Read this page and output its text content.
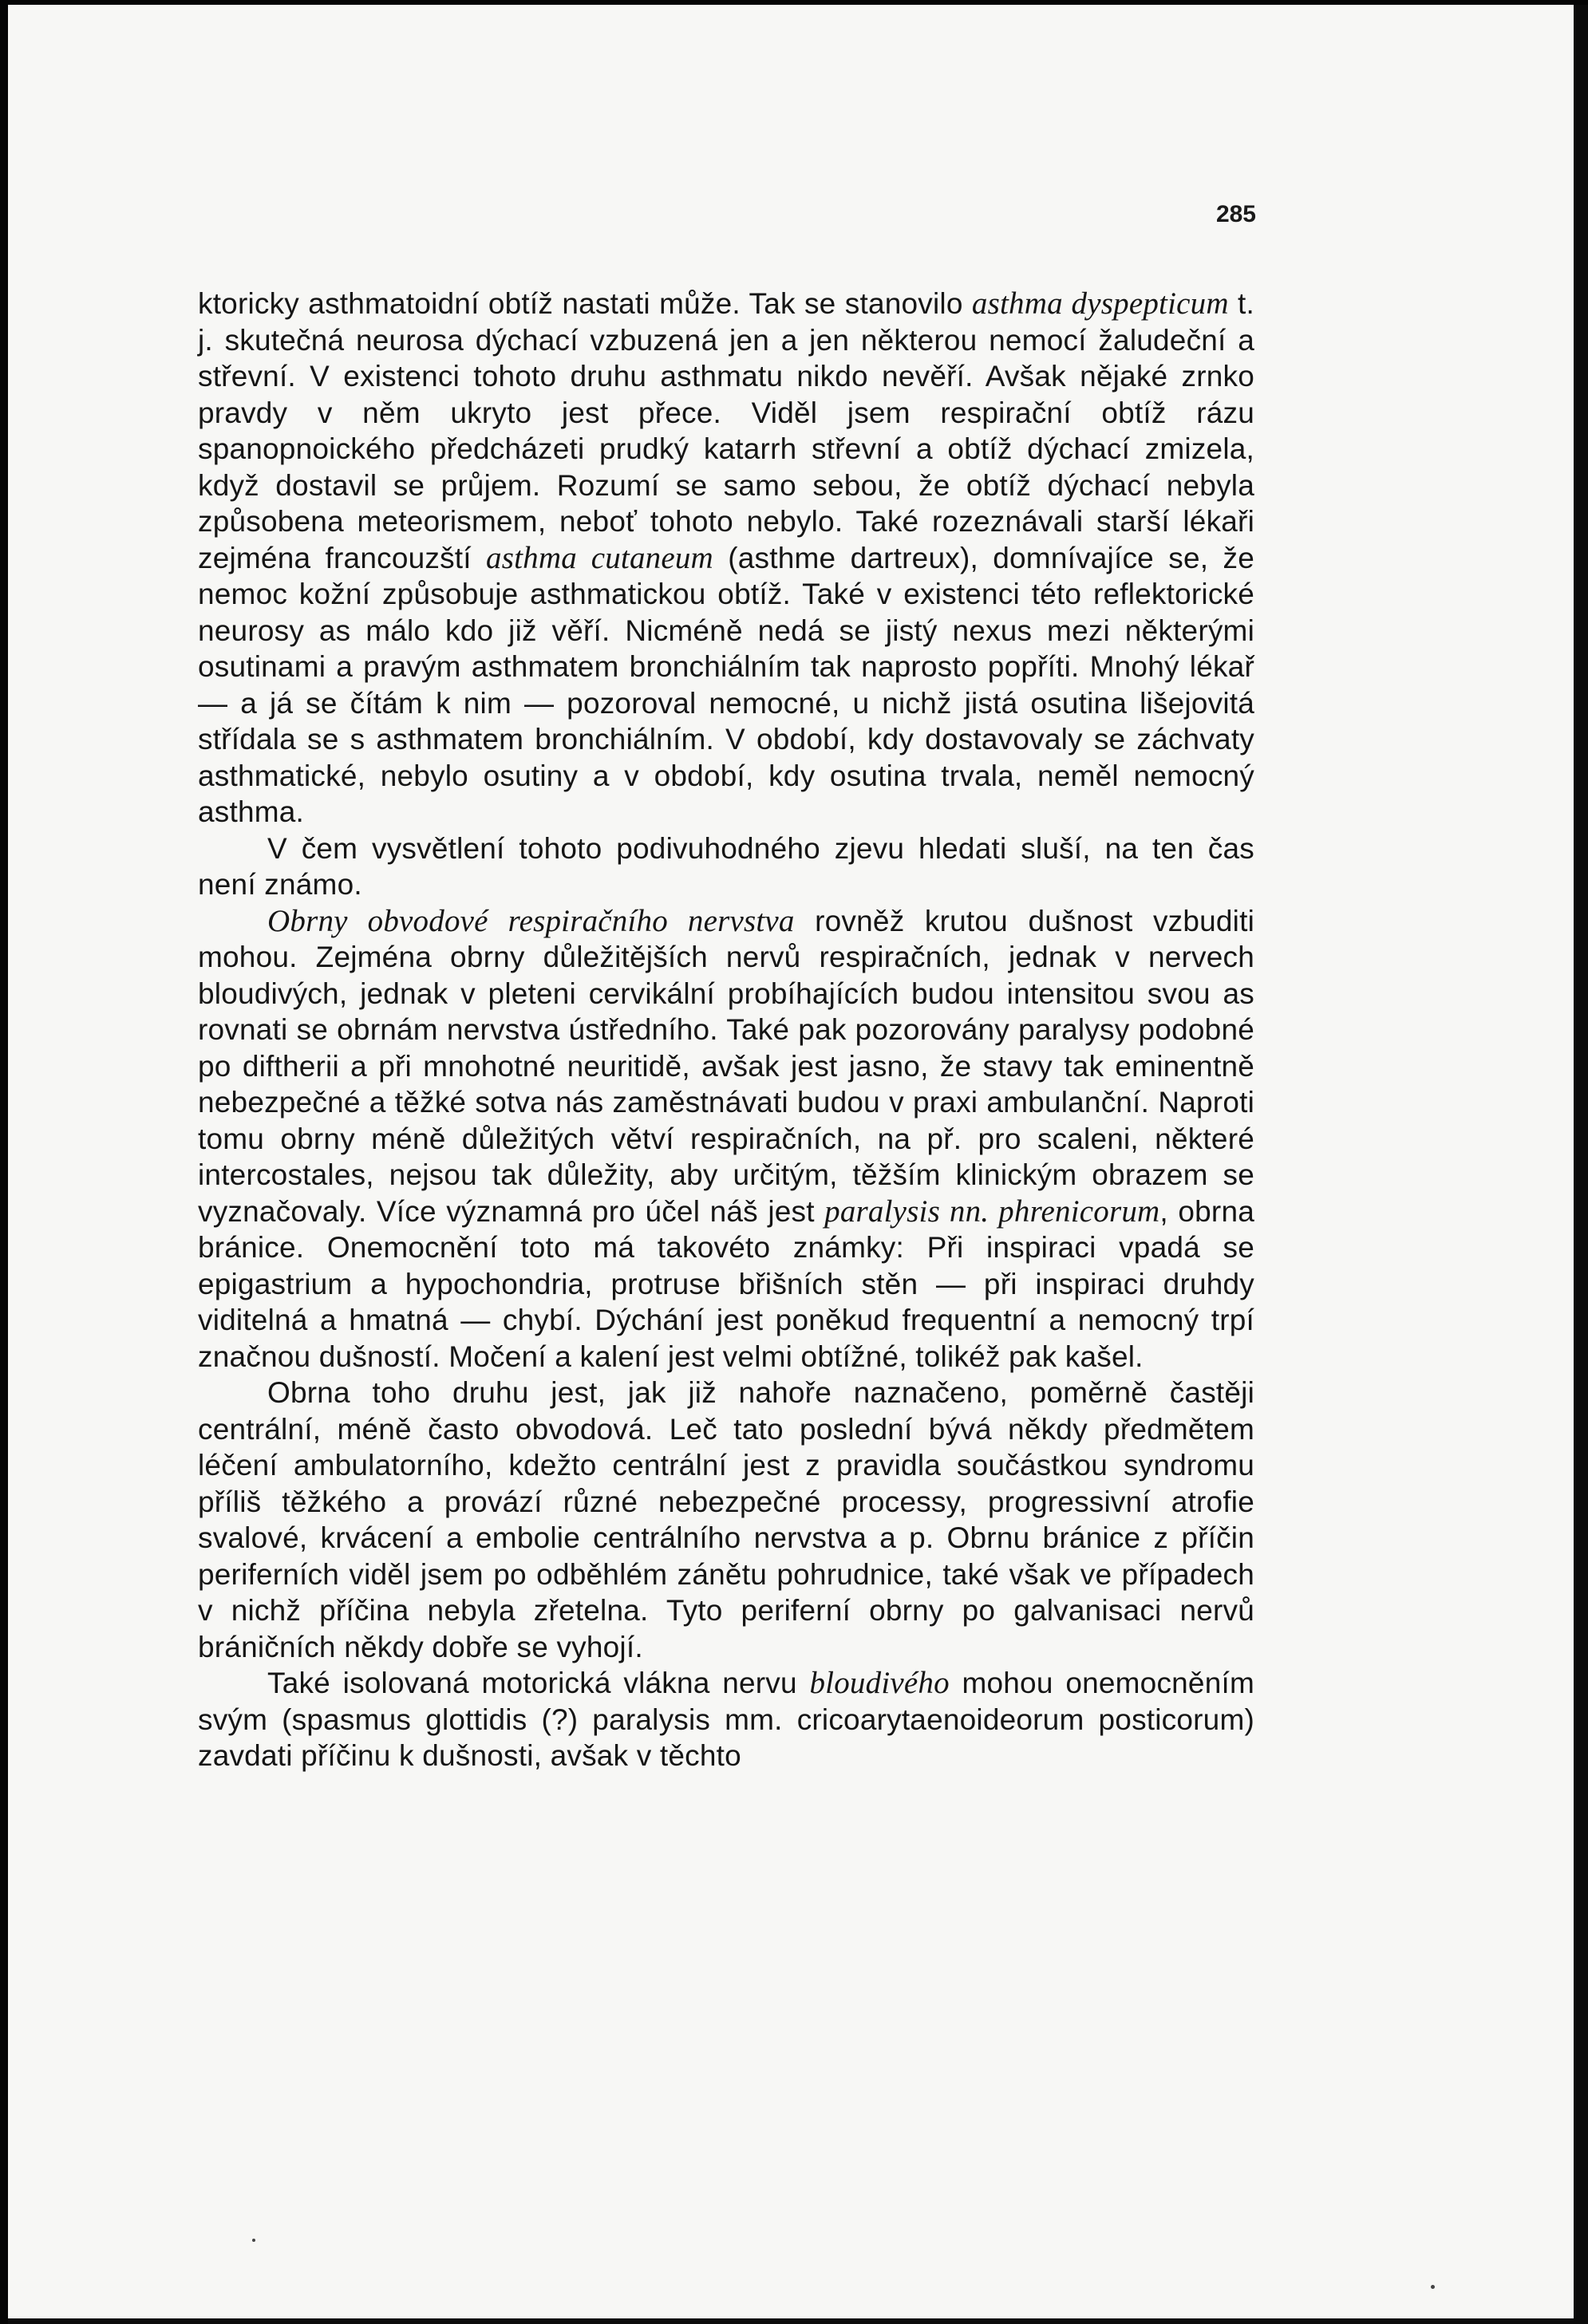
285

ktoricky asthmatoidní obtíž nastati může. Tak se stanovilo asthma dyspepticum t. j. skutečná neurosa dýchací vzbuzená jen a jen některou nemocí žaludeční a střevní. V existenci tohoto druhu asthmatu nikdo nevěří. Avšak nějaké zrnko pravdy v něm ukryto jest přece. Viděl jsem respirační obtíž rázu spanopnoického předcházeti prudký katarrh střevní a obtíž dýchací zmizela, když dostavil se průjem. Rozumí se samo sebou, že obtíž dýchací nebyla způsobena meteorismem, neboť tohoto nebylo. Také rozeznávali starší lékaři zejména francouzští asthma cutaneum (asthme dartreux), domnívajíce se, že nemoc kožní způsobuje asthmatickou obtíž. Také v existenci této reflektorické neurosy as málo kdo již věří. Nicméně nedá se jistý nexus mezi některými osutinami a pravým asthmatem bronchiálním tak naprosto popříti. Mnohý lékař — a já se čítám k nim — pozoroval nemocné, u nichž jistá osutina lišejovitá střídala se s asthmatem bronchiálním. V období, kdy dostavovaly se záchvaty asthmatické, nebylo osutiny a v období, kdy osutina trvala, neměl nemocný asthma.

V čem vysvětlení tohoto podivuhodného zjevu hledati sluší, na ten čas není známo.

Obrny obvodové respiračního nervstva rovněž krutou dušnost vzbuditi mohou. Zejména obrny důležitějších nervů respiračních, jednak v nervech bloudivých, jednak v pleteni cervikální probíhajících budou intensitou svou as rovnati se obrnám nervstva ústředního. Také pak pozorovány paralysy podobné po diftherii a při mnohotné neuritidě, avšak jest jasno, že stavy tak eminentně nebezpečné a těžké sotva nás zaměstnávati budou v praxi ambulanční. Naproti tomu obrny méně důležitých větví respiračních, na př. pro scaleni, některé intercostales, nejsou tak důležity, aby určitým, těžším klinickým obrazem se vyznačovaly. Více významná pro účel náš jest paralysis nn. phrenicorum, obrna bránice. Onemocnění toto má takovéto známky: Při inspiraci vpadá se epigastrium a hypochondria, protruse břišních stěn — při inspiraci druhdy viditelná a hmatná — chybí. Dýchání jest poněkud frequentní a nemocný trpí značnou dušností. Močení a kalení jest velmi obtížné, tolikéž pak kašel.

Obrna toho druhu jest, jak již nahoře naznačeno, poměrně častěji centrální, méně často obvodová. Leč tato poslední bývá někdy předmětem léčení ambulatorního, kdežto centrální jest z pravidla součástkou syndromu příliš těžkého a provází různé nebezpečné processy, progressivní atrofie svalové, krvácení a embolie centrálního nervstva a p. Obrnu bránice z příčin periferních viděl jsem po odběhlém zánětu pohrudnice, také však ve případech v nichž příčina nebyla zřetelna. Tyto periferní obrny po galvanisaci nervů bráničních někdy dobře se vyhojí.

Také isolovaná motorická vlákna nervu bloudivého mohou onemocněním svým (spasmus glottidis (?) paralysis mm. cricoarytaenoideorum posticorum) zavdati příčinu k dušnosti, avšak v těchto
